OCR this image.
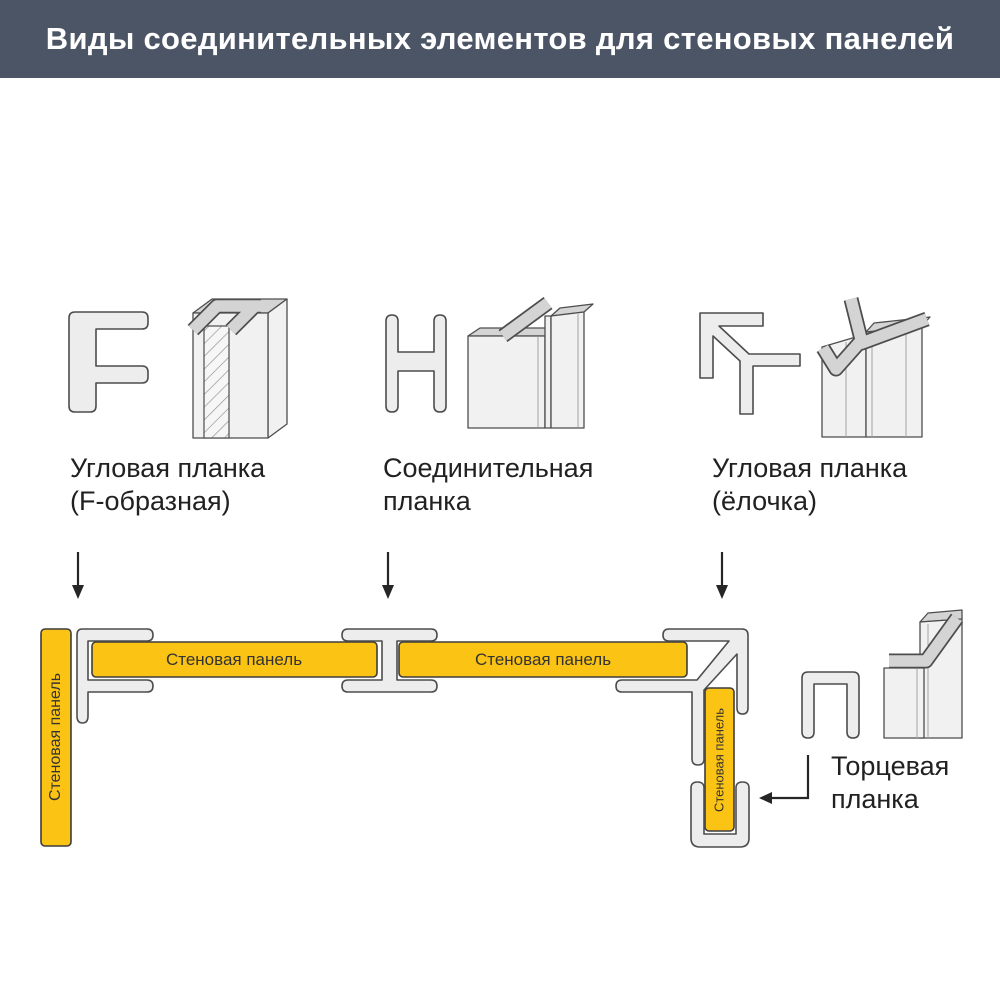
Виды соединительных элементов для стеновых панелей
Угловая планка
(F-образная)
Соединительная
планка
Угловая планка
(ёлочка)
Стеновая панель
Стеновая панель	Стеновая панель
Стеновая панель	Торцевая
планка
